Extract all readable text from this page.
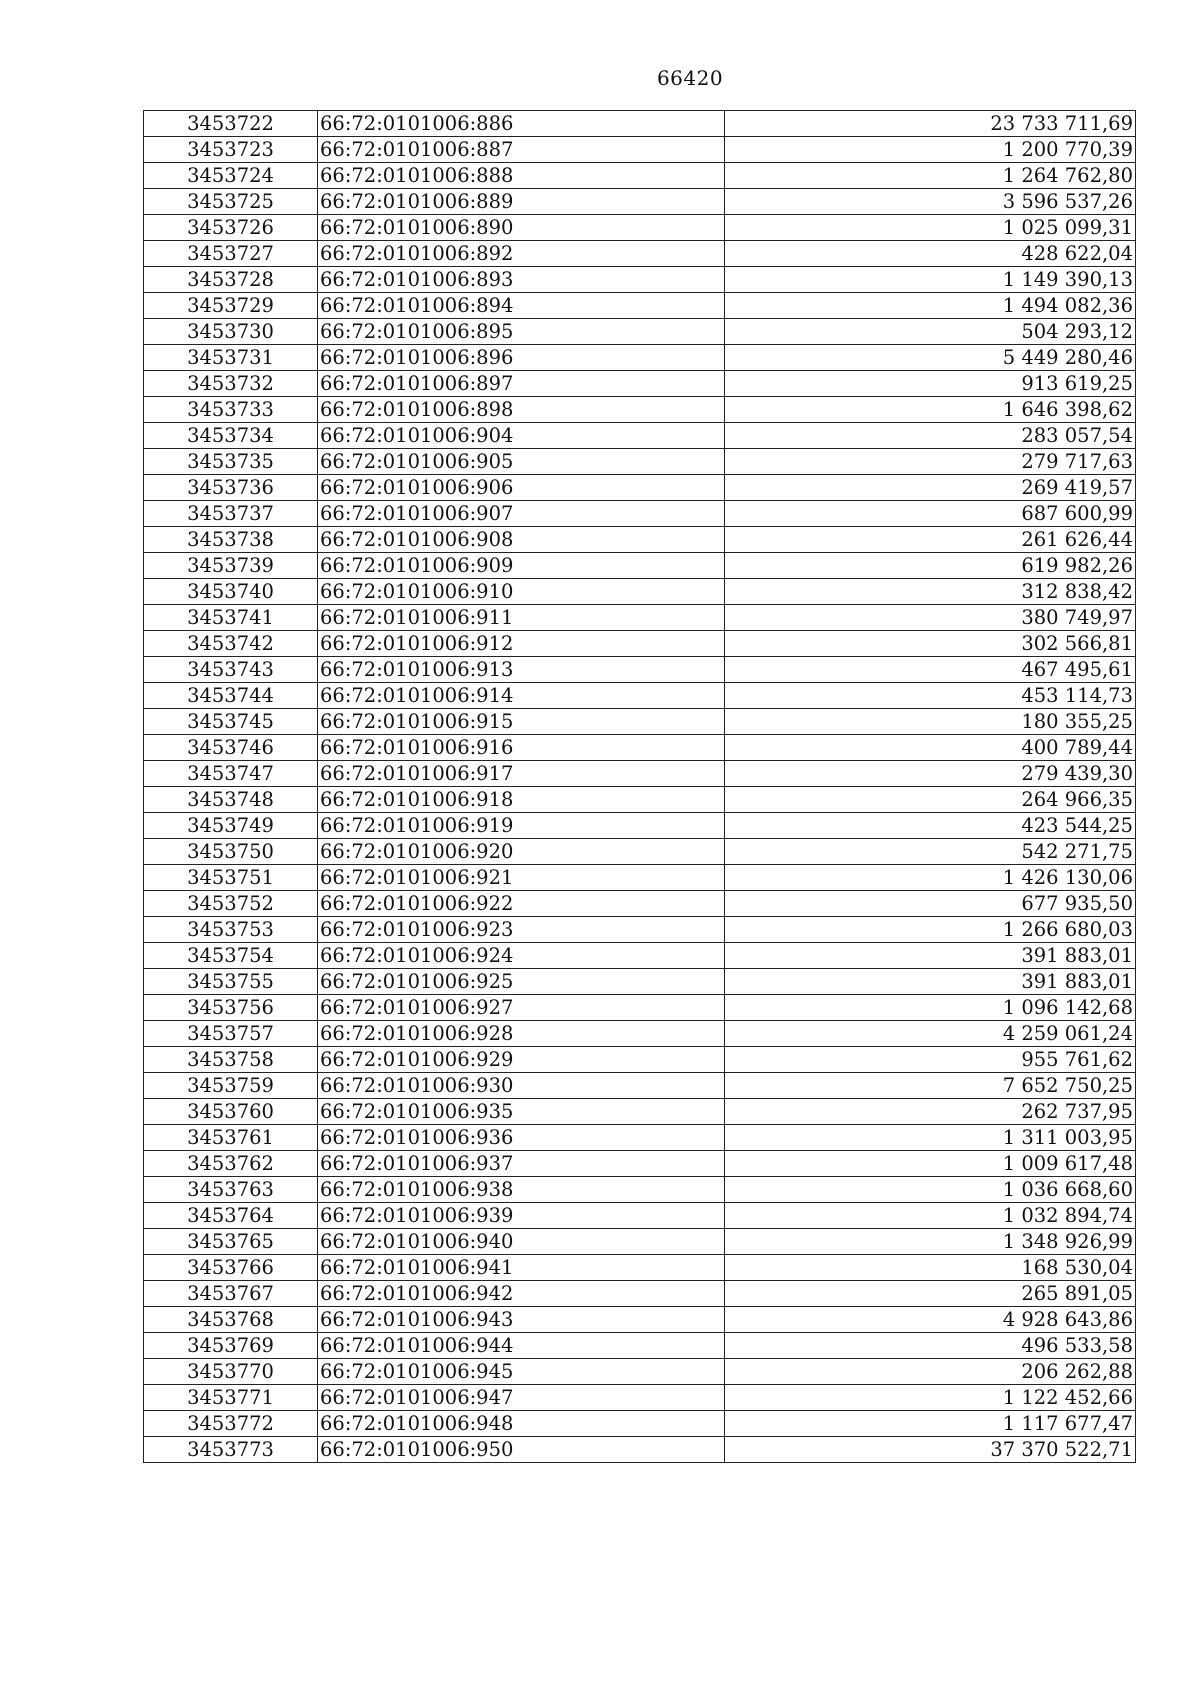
66420
3453722	66:72:0101006:886	23 733 711,69
3453723	66:72:0101006:887	1 200 770,39
3453724	66:72:0101006:888	1 264 762,80
3453725	66:72:0101006:889	3 596 537,26
3453726	66:72:0101006:890	1 025 099,31
3453727	66:72:0101006:892	428 622,04
3453728	66:72:0101006:893	1 149 390,13
3453729	66:72:0101006:894	1 494 082,36
3453730	66:72:0101006:895	504 293,12
3453731	66:72:0101006:896	5 449 280,46
3453732	66:72:0101006:897	913 619,25
3453733	66:72:0101006:898	1 646 398,62
3453734	66:72:0101006:904	283 057,54
3453735	66:72:0101006:905	279 717,63
3453736	66:72:0101006:906	269 419,57
3453737	66:72:0101006:907	687 600,99
3453738	66:72:0101006:908	261 626,44
3453739	66:72:0101006:909	619 982,26
3453740	66:72:0101006:910	312 838,42
3453741	66:72:0101006:911	380 749,97
3453742	66:72:0101006:912	302 566,81
3453743	66:72:0101006:913	467 495,61
3453744	66:72:0101006:914	453 114,73
3453745	66:72:0101006:915	180 355,25
3453746	66:72:0101006:916	400 789,44
3453747	66:72:0101006:917	279 439,30
3453748	66:72:0101006:918	264 966,35
3453749	66:72:0101006:919	423 544,25
3453750	66:72:0101006:920	542 271,75
3453751	66:72:0101006:921	1 426 130,06
3453752	66:72:0101006:922	677 935,50
3453753	66:72:0101006:923	1 266 680,03
3453754	66:72:0101006:924	391 883,01
3453755	66:72:0101006:925	391 883,01
3453756	66:72:0101006:927	1 096 142,68
3453757	66:72:0101006:928	4 259 061,24
3453758	66:72:0101006:929	955 761,62
3453759	66:72:0101006:930	7 652 750,25
3453760	66:72:0101006:935	262 737,95
3453761	66:72:0101006:936	1 311 003,95
3453762	66:72:0101006:937	1 009 617,48
3453763	66:72:0101006:938	1 036 668,60
3453764	66:72:0101006:939	1 032 894,74
3453765	66:72:0101006:940	1 348 926,99
3453766	66:72:0101006:941	168 530,04
3453767	66:72:0101006:942	265 891,05
3453768	66:72:0101006:943	4 928 643,86
3453769	66:72:0101006:944	496 533,58
3453770	66:72:0101006:945	206 262,88
3453771	66:72:0101006:947	1 122 452,66
3453772	66:72:0101006:948	1 117 677,47
3453773	66:72:0101006:950	37 370 522,71
